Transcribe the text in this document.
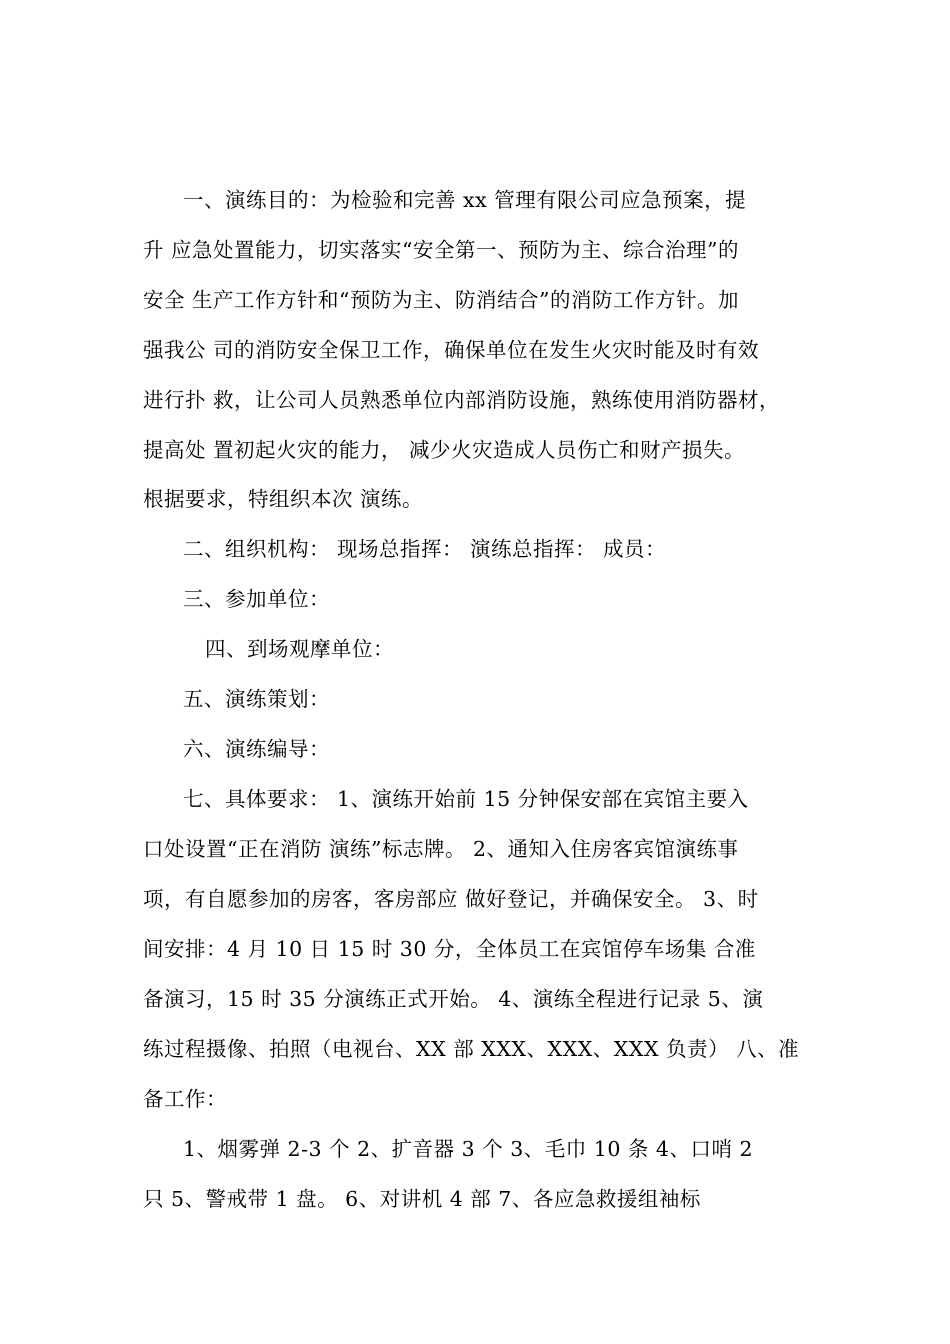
一、演练目的：为检验和完善 xx 管理有限公司应急预案，提
升 应急处置能力，切实落实“安全第一、预防为主、综合治理”的
安全 生产工作方针和“预防为主、防消结合”的消防工作方针。加
强我公 司的消防安全保卫工作，确保单位在发生火灾时能及时有效
进行扑 救，让公司人员熟悉单位内部消防设施，熟练使用消防器材，
提高处 置初起火灾的能力， 减少火灾造成人员伤亡和财产损失。
根据要求，特组织本次 演练。
二、组织机构： 现场总指挥： 演练总指挥： 成员：
三、参加单位：
四、到场观摩单位：
五、演练策划：
六、演练编导：
七、具体要求： 1、演练开始前 15 分钟保安部在宾馆主要入
口处设置“正在消防 演练”标志牌。 2、通知入住房客宾馆演练事
项，有自愿参加的房客，客房部应 做好登记，并确保安全。 3、时
间安排：4 月 10 日 15 时 30 分，全体员工在宾馆停车场集 合准
备演习，15 时 35 分演练正式开始。 4、演练全程进行记录 5、演
练过程摄像、拍照（电视台、XX 部 XXX、XXX、XXX 负责） 八、准
备工作：
1、烟雾弹 2-3 个 2、扩音器 3 个 3、毛巾 10 条 4、口哨 2
只 5、警戒带 1 盘。 6、对讲机 4 部 7、各应急救援组袖标
